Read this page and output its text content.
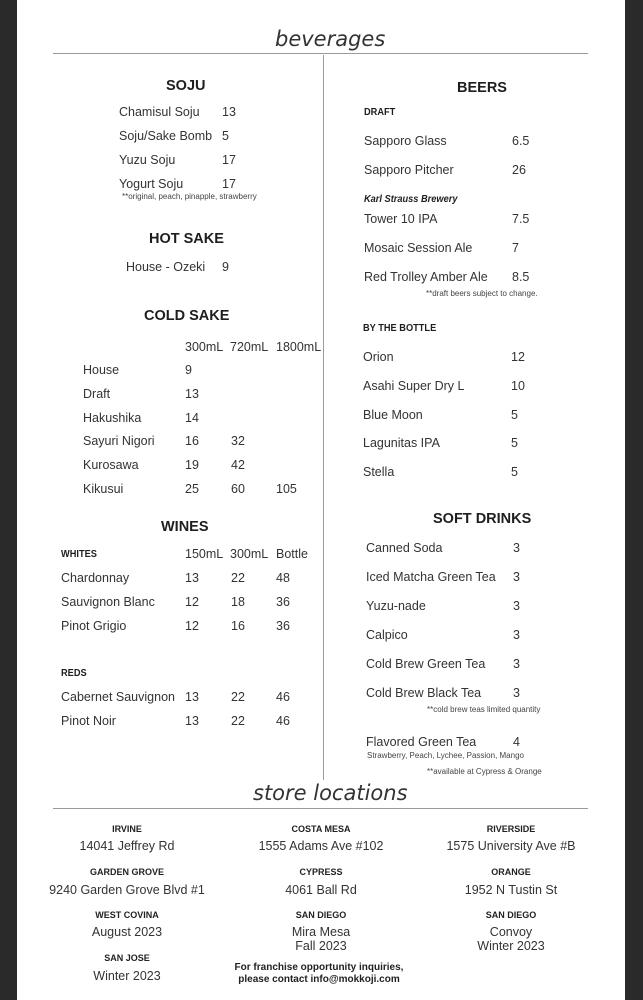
beverages
SOJU
Chamisul Soju 13
Soju/Sake Bomb 5
Yuzu Soju	17
Yogurt Soju	17
**original, peach, pinapple, strawberry
HOT SAKE
House - Ozeki 9
COLD SAKE
300mL 720mL 1800mL
House	9
Draft	13
Hakushika	14
Sayuri Nigori 16	32
Kurosawa	19	42
Kikusui	25	60 105
WINES
WHITES	150mL 300mL Bottle
Chardonnay	13	22 48
Sauvignon Blanc 12	18 36
Pinot Grigio	12	16 36
REDS
Cabernet Sauvignon 13	22 46
Pinot Noir	13	22 46
BEERS
DRAFT
Sapporo Glass	6.5
Sapporo Pitcher	26
Karl Strauss Brewery
Tower 10 IPA	7.5
Mosaic Session Ale	7
Red Trolley Amber Ale 8.5
**draft beers subject to change.
BY THE BOTTLE
Orion	12
Asahi Super Dry L	10
Blue Moon	5
Lagunitas IPA	5
Stella	5
SOFT DRINKS
Canned Soda	3
Iced Matcha Green Tea 3
Yuzu-nade	3
Calpico	3
Cold Brew Green Tea 3
Cold Brew Black Tea	3
**cold brew teas limited quantity
Flavored Green Tea	4
Strawberry, Peach, Lychee, Passion, Mango
**available at Cypress & Orange
store locations
IRVINE
14041 Jeffrey Rd
COSTA MESA
1555 Adams Ave #102
RIVERSIDE
1575 University Ave #B
GARDEN GROVE
9240 Garden Grove Blvd #1
CYPRESS
4061 Ball Rd
ORANGE
1952 N Tustin St
WEST COVINA
August 2023
SAN DIEGO
Mira Mesa
Fall 2023
SAN DIEGO
Convoy
Winter 2023
SAN JOSE
Winter 2023
For franchise opportunity inquiries,
please contact info@mokkoji.com
